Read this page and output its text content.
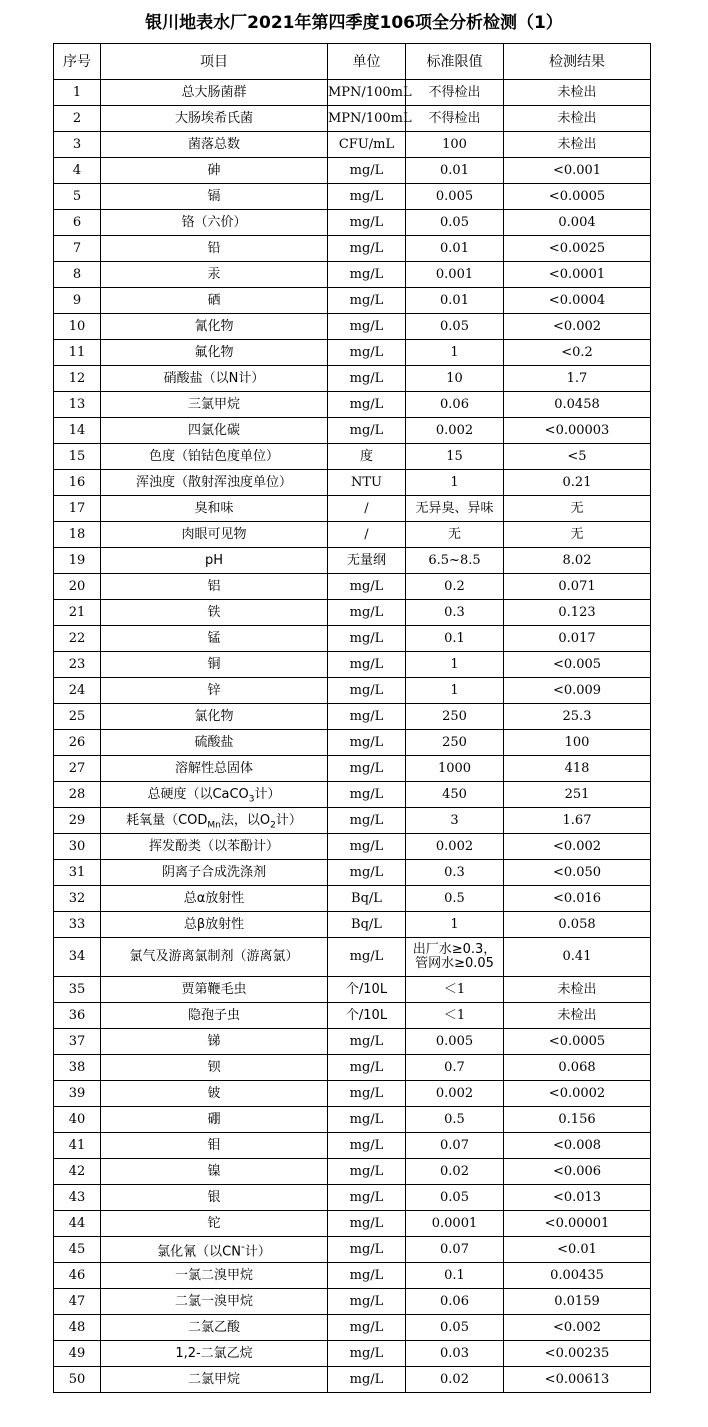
银川地表水厂2021年第四季度106项全分析检测（1）
序号	项目	单位	标准限值	检测结果
1	总大肠菌群	MPN/100mL	不得检出	未检出
2	大肠埃希氏菌	MPN/100mL	不得检出	未检出
3	菌落总数	CFU/mL	100	未检出
4	砷	mg/L	0.01	<0.001
5	镉	mg/L	0.005	<0.0005
6	铬（六价）	mg/L	0.05	0.004
7	铅	mg/L	0.01	<0.0025
8	汞	mg/L	0.001	<0.0001
9	硒	mg/L	0.01	<0.0004
10	氰化物	mg/L	0.05	<0.002
11	氟化物	mg/L	1	<0.2
12	硝酸盐（以N计）	mg/L	10	1.7
13	三氯甲烷	mg/L	0.06	0.0458
14	四氯化碳	mg/L	0.002	<0.00003
15	色度（铂钴色度单位）	度	15	<5
16	浑浊度（散射浑浊度单位）	NTU	1	0.21
17	臭和味	/	无异臭、异味	无
18	肉眼可见物	/	无	无
19	pH	无量纲	6.5~8.5	8.02
20	铝	mg/L	0.2	0.071
21	铁	mg/L	0.3	0.123
22	锰	mg/L	0.1	0.017
23	铜	mg/L	1	<0.005
24	锌	mg/L	1	<0.009
25	氯化物	mg/L	250	25.3
26	硫酸盐	mg/L	250	100
27	溶解性总固体	mg/L	1000	418
28	总硬度（以CaCO$_3$计）	mg/L	450	251
29	耗氧量（$COD_{Mn}$法，以$O_2$计）	mg/L	3	1.67
30	挥发酚类（以苯酚计）	mg/L	0.002	<0.002
31	阴离子合成洗涤剂	mg/L	0.3	<0.050
32	总α放射性	Bq/L	0.5	<0.016
33	总β放射性	Bq/L	1	0.058
34	氯气及游离氯制剂（游离氯）	mg/L	出厂水≥0.3，
管网水≥0.05	0.41
35	贾第鞭毛虫	个/10L	＜1	未检出
36	隐孢子虫	个/10L	＜1	未检出
37	锑	mg/L	0.005	<0.0005
38	钡	mg/L	0.7	0.068
39	铍	mg/L	0.002	<0.0002
40	硼	mg/L	0.5	0.156
41	钼	mg/L	0.07	<0.008
42	镍	mg/L	0.02	<0.006
43	银	mg/L	0.05	<0.013
44	铊	mg/L	0.0001	<0.00001
45	氯化氰（以CN-计）	mg/L	0.07	<0.01
46	一氯二溴甲烷	mg/L	0.1	0.00435
47	二氯一溴甲烷	mg/L	0.06	0.0159
48	二氯乙酸	mg/L	0.05	<0.002
49	1,2-二氯乙烷	mg/L	0.03	<0.00235
50	二氯甲烷	mg/L	0.02	<0.00613
